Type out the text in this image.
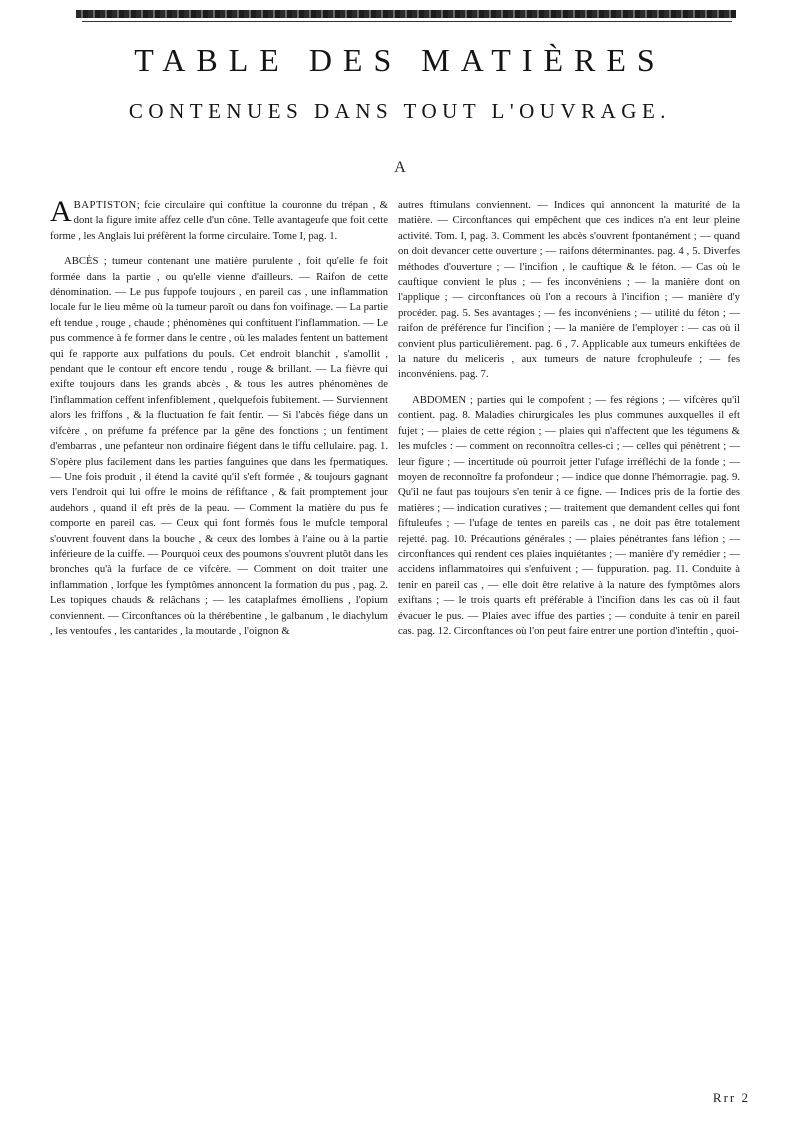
TABLE DES MATIÈRES
CONTENUES DANS TOUT L'OUVRAGE.
A

ABAPTISTON; fcie circulaire qui conftitue la couronne du trépan , & dont la figure imite affez celle d'un cône. Telle avantageufe que foit cette forme , les Anglais lui préfèrent la forme circulaire. Tome I, pag. 1.

ABCÈS ; tumeur contenant une matière purulente , foit qu'elle fe foit formée dans la partie , ou qu'elle vienne d'ailleurs. — Raifon de cette dénomination. — Le pus fuppofe toujours , en pareil cas , une inflammation locale fur le lieu même où la tumeur paroît ou dans fon voifinage. — La partie eft tendue , rouge , chaude ; phénomènes qui conftituent l'inflammation. — Le pus commence à fe former dans le centre , où les malades fentent un battement qui fe rapporte aux pulfations du pouls. Cet endroit blanchit , s'amollit , pendant que le contour eft encore tendu , rouge & brillant. — La fièvre qui exifte toujours dans les grands abcès , & tous les autres phénomènes de l'inflammation ceffent infenfiblement , quelquefois fubitement. — Surviennent alors les friffons , & la fluctuation fe fait fentir. — Si l'abcès fiége dans un vifcère , on préfume fa préfence par la gêne des fonctions ; un fentiment d'embarras , une pefanteur non ordinaire fiégent dans le tiffu cellulaire. pag. 1. S'opère plus facilement dans les parties fanguines que dans les fpermatiques. — Une fois produit , il étend la cavité qu'il s'eft formée , & toujours gagnant vers l'endroit qui lui offre le moins de réfiftance , & fait promptement jour audehors , quand il eft près de la peau. — Comment la matière du pus fe comporte en pareil cas. — Ceux qui font formés fous le mufcle temporal s'ouvrent fouvent dans la bouche , & ceux des lombes à l'aine ou à la partie inférieure de la cuiffe. — Pourquoi ceux des poumons s'ouvrent plutôt dans les bronches qu'à la furface de ce vifcère. — Comment on doit traiter une inflammation , lorfque les fymptômes annoncent la formation du pus , pag. 2. Les topiques chauds & relâchans ; — les cataplafmes émolliens , l'opium conviennent. — Circonftances où la thérébentine , le galbanum , le diachylum , les ventoufes , les cantarides , la moutarde , l'oignon &

autres ftimulans conviennent. — Indices qui annoncent la maturité de la matière. — Circonftances qui empêchent que ces indices n'a ent leur pleine activité. Tom. I, pag. 3. Comment les abcès s'ouvrent fpontanément ; — quand on doit devancer cette ouverture ; — raifons déterminantes. pag. 4 , 5. Diverfes méthodes d'ouverture ; — l'incifion , le cauftique & le féton. — Cas où le cauftique convient le plus ; — fes inconvéniens ; — la manière dont on l'applique ; — circonftances où l'on a recours à l'incifion ; — manière d'y procéder. pag. 5. Ses avantages ; — fes inconvéniens ; — utilité du féton ; — raifon de préférence fur l'incifion ; — la manière de l'employer : — cas où il convient plus particulièrement. pag. 6 , 7. Applicable aux tumeurs enkiftées de la nature du meliceris , aux tumeurs de nature fcrophuleufe ; — fes inconvéniens. pag. 7.

ABDOMEN ; parties qui le compofent ; — fes régions ; — vifcères qu'il contient. pag. 8. Maladies chirurgicales les plus communes auxquelles il eft fujet ; — plaies de cette région ; — plaies qui n'affectent que les tégumens & les mufcles : — comment on reconnoîtra celles-ci ; — celles qui pénètrent ; — leur figure ; — incertitude où pourroit jetter l'ufage irréfléchi de la fonde ; — moyen de reconnoître fa profondeur ; — indice que donne l'hémorragie. pag. 9. Qu'il ne faut pas toujours s'en tenir à ce figne. — Indices pris de la fortie des matières ; — indication curatives ; — traitement que demandent celles qui font fiftuleufes ; — l'ufage de tentes en pareils cas , ne doit pas être totalement rejetté. pag. 10. Précautions générales ; — plaies pénétrantes fans léfion ; — circonftances qui rendent ces plaies inquiétantes ; — manière d'y remédier ; — accidens inflammatoires qui s'enfuivent ; — fuppuration. pag. 11. Conduite à tenir en pareil cas , — elle doit être relative à la nature des fymptômes alors exiftans ; — le trois quarts eft préférable à l'incifion dans les cas où il faut évacuer le pus. — Plaies avec iffue des parties ; — conduite à tenir en pareil cas. pag. 12. Circonftances où l'on peut faire entrer une portion d'inteftin , quoi-

Rrr 2
